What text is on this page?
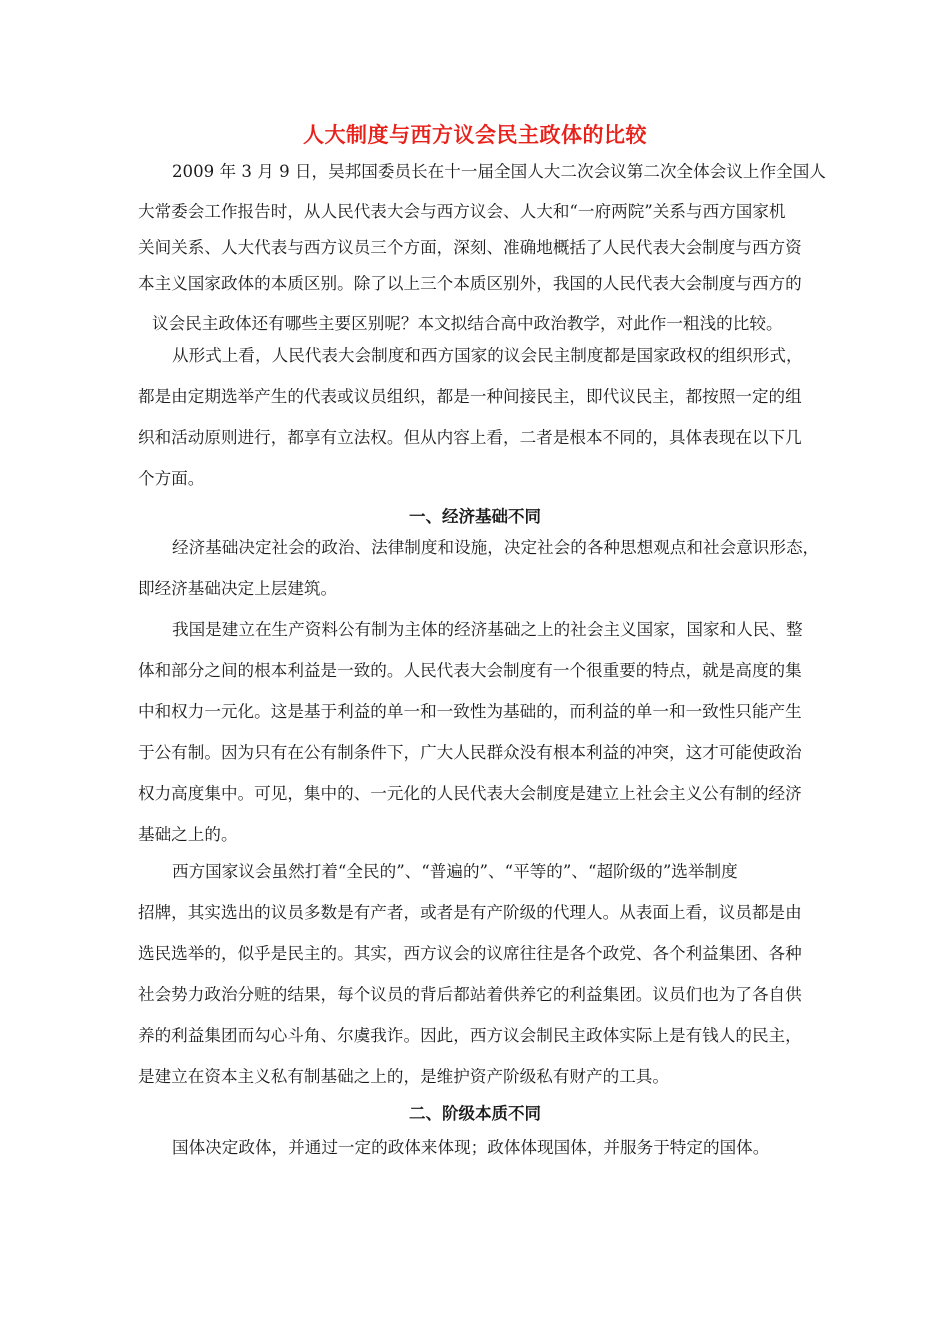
人大制度与西方议会民主政体的比较
2009 年 3 月 9 日，吴邦国委员长在十一届全国人大二次会议第二次全体会议上作全国人
大常委会工作报告时，从人民代表大会与西方议会、人大和“一府两院”关系与西方国家机
关间关系、人大代表与西方议员三个方面，深刻、准确地概括了人民代表大会制度与西方资
本主义国家政体的本质区别。除了以上三个本质区别外，我国的人民代表大会制度与西方的
议会民主政体还有哪些主要区别呢？本文拟结合高中政治教学，对此作一粗浅的比较。
从形式上看，人民代表大会制度和西方国家的议会民主制度都是国家政权的组织形式，
都是由定期选举产生的代表或议员组织，都是一种间接民主，即代议民主，都按照一定的组
织和活动原则进行，都享有立法权。但从内容上看，二者是根本不同的，具体表现在以下几
个方面。
一、经济基础不同
经济基础决定社会的政治、法律制度和设施，决定社会的各种思想观点和社会意识形态，
即经济基础决定上层建筑。
我国是建立在生产资料公有制为主体的经济基础之上的社会主义国家，国家和人民、整
体和部分之间的根本利益是一致的。人民代表大会制度有一个很重要的特点，就是高度的集
中和权力一元化。这是基于利益的单一和一致性为基础的，而利益的单一和一致性只能产生
于公有制。因为只有在公有制条件下，广大人民群众没有根本利益的冲突，这才可能使政治
权力高度集中。可见，集中的、一元化的人民代表大会制度是建立上社会主义公有制的经济
基础之上的。
西方国家议会虽然打着“全民的”、“普遍的”、“平等的”、“超阶级的”选举制度
招牌，其实选出的议员多数是有产者，或者是有产阶级的代理人。从表面上看，议员都是由
选民选举的，似乎是民主的。其实，西方议会的议席往往是各个政党、各个利益集团、各种
社会势力政治分赃的结果，每个议员的背后都站着供养它的利益集团。议员们也为了各自供
养的利益集团而勾心斗角、尔虞我诈。因此，西方议会制民主政体实际上是有钱人的民主，
是建立在资本主义私有制基础之上的，是维护资产阶级私有财产的工具。
二、阶级本质不同
国体决定政体，并通过一定的政体来体现；政体体现国体，并服务于特定的国体。
